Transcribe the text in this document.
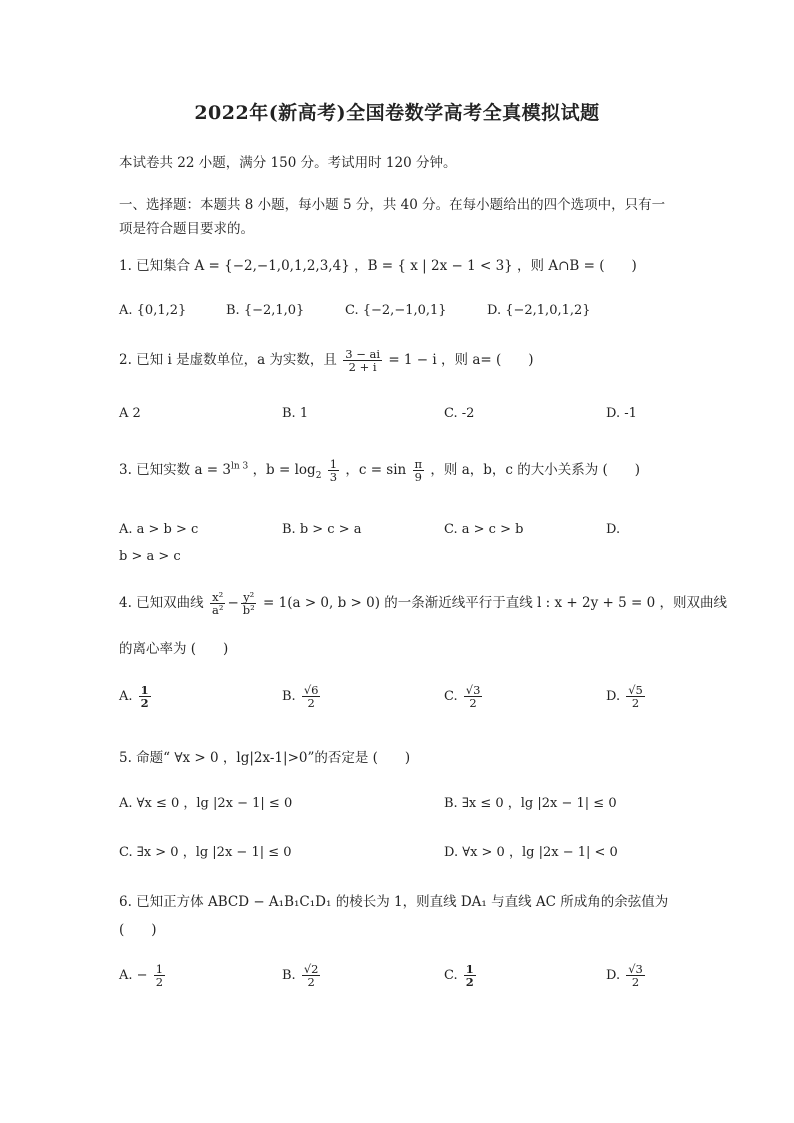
2022年(新高考)全国卷数学高考全真模拟试题
本试卷共 22 小题，满分 150 分。考试用时 120 分钟。
一、选择题：本题共 8 小题，每小题 5 分，共 40 分。在每小题给出的四个选项中，只有一
项是符合题目要求的。
1. 已知集合 A = {−2,−1,0,1,2,3,4} ，B = { x | 2x − 1 < 3} ，则 A∩B = (　　)
A. {0,1,2}	B. {−2,1,0}	C. {−2,−1,0,1}	D. {−2,1,0,1,2}
2. 已知 i 是虚数单位，a 为实数，且 $\frac{3 - ai}{2 + i} = 1 - i$ ，则 a= (　　)
A 2	B. 1	C. -2	D. -1
3. 已知实数 $a = 3^{ln 3}$ ，$b = \log_2 \frac{1}{3}$ ，$c = \sin \frac{\pi}{9}$ ，则 a，b，c 的大小关系为 (　　)
A. a > b > c	B. b > c > a	C. a > c > b	D.
b > a > c
4. 已知双曲线 $\frac{\text{x²}}{\text{a²}} - \frac{\text{y²}}{\text{b²}} = 1(a > 0$, b > 0) 的一条渐近线平行于直线 l : x + 2y + 5 = 0 ，则双曲线
的离心率为 (　　)
A. $\frac{1}{2}$	B. $\frac{√6}{2}$	C. $\frac{√3}{2}$	D. $\frac{√5}{2}$
5. 命题“ ∀x > 0 ，lg|2x-1|>0”的否定是 (　　)
A. ∀x ≤ 0 ，lg |2x − 1| ≤ 0	B. ∃x ≤ 0 ，lg |2x − 1| ≤ 0
C. ∃x > 0 ，lg |2x − 1| ≤ 0	D. ∀x > 0 ，lg |2x − 1| < 0
6. 已知正方体 ABCD − A₁B₁C₁D₁ 的棱长为 1，则直线 DA₁ 与直线 AC 所成角的余弦值为
(　　)
A. − $\frac{1}{2}$	B. $\frac{√2}{2}$	C. $\frac{1}{2}$	D. $\frac{√3}{2}$
